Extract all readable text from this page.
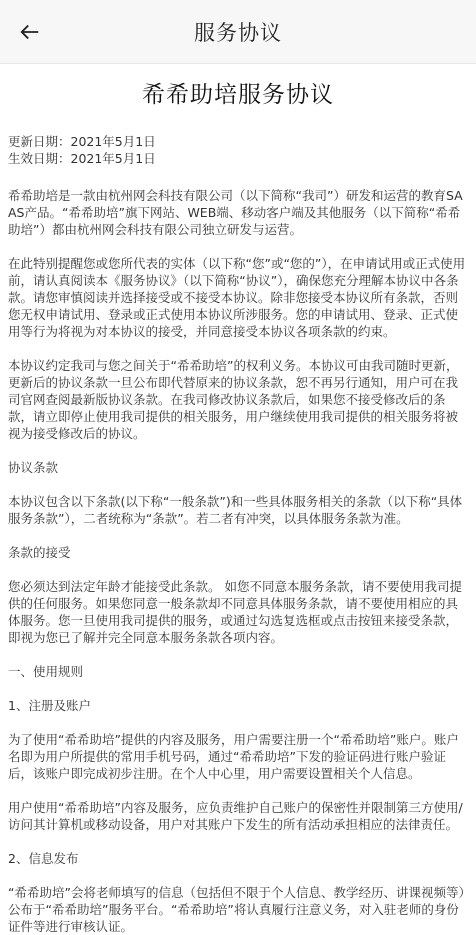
服务协议
希希助培服务协议
更新日期：2021年5月1日
生效日期：2021年5月1日
希希助培是一款由杭州网会科技有限公司（以下简称“我司”）研发和运营的教育SAAS产品。“希希助培”旗下网站、WEB端、移动客户端及其他服务（以下简称“希希助培”）都由杭州网会科技有限公司独立研发与运营。
在此特别提醒您或您所代表的实体（以下称“您”或“您的”），在申请试用或正式使用前，请认真阅读本《服务协议》（以下简称“协议”），确保您充分理解本协议中各条款。请您审慎阅读并选择接受或不接受本协议。除非您接受本协议所有条款，否则您无权申请试用、登录或正式使用本协议所涉服务。您的申请试用、登录、正式使用等行为将视为对本协议的接受，并同意接受本协议各项条款的约束。
本协议约定我司与您之间关于“希希助培”的权利义务。本协议可由我司随时更新，更新后的协议条款一旦公布即代替原来的协议条款，恕不再另行通知，用户可在我司官网查阅最新版协议条款。在我司修改协议条款后，如果您不接受修改后的条款，请立即停止使用我司提供的相关服务，用户继续使用我司提供的相关服务将被视为接受修改后的协议。
协议条款
本协议包含以下条款(以下称“一般条款”)和一些具体服务相关的条款（以下称“具体服务条款”），二者统称为“条款”。若二者有冲突，以具体服务条款为准。
条款的接受
您必须达到法定年龄才能接受此条款。 如您不同意本服务条款，请不要使用我司提供的任何服务。如果您同意一般条款却不同意具体服务条款，请不要使用相应的具体服务。您一旦使用我司提供的服务，或通过勾选复选框或点击按钮来接受条款，即视为您已了解并完全同意本服务条款各项内容。
一、使用规则
1、注册及账户
为了使用“希希助培”提供的内容及服务，用户需要注册一个“希希助培”账户。账户名即为用户所提供的常用手机号码，通过“希希助培”下发的验证码进行账户验证后，该账户即完成初步注册。在个人中心里，用户需要设置相关个人信息。
用户使用“希希助培”内容及服务，应负责维护自己账户的保密性并限制第三方使用/访问其计算机或移动设备，用户对其账户下发生的所有活动承担相应的法律责任。
2、信息发布
“希希助培”会将老师填写的信息（包括但不限于个人信息、教学经历、讲课视频等）公布于“希希助培”服务平台。“希希助培”将认真履行注意义务，对入驻老师的身份证件等进行审核认证。
